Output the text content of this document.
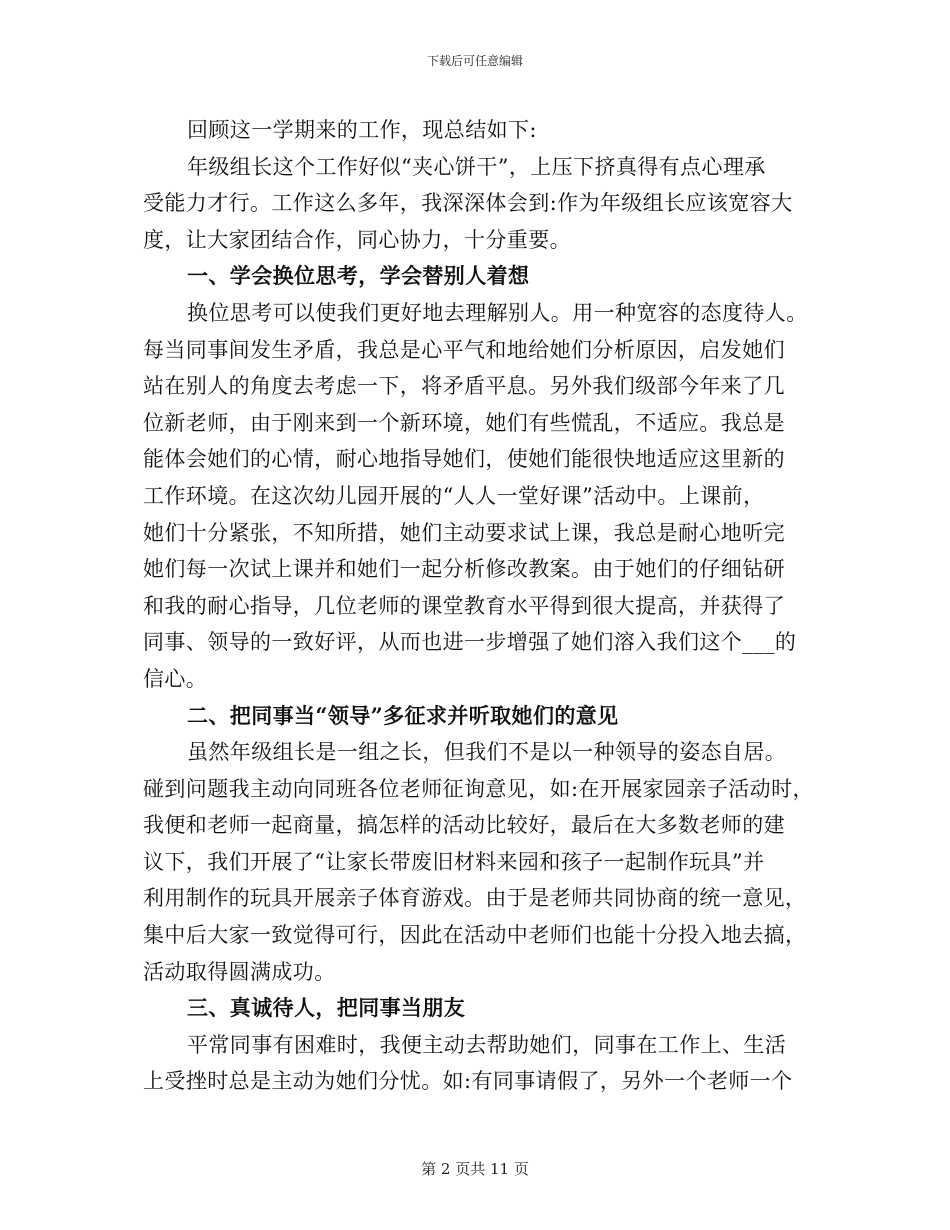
下载后可任意编辑
回顾这一学期来的工作，现总结如下:
年级组长这个工作好似“夹心饼干”，上压下挤真得有点心理承
受能力才行。工作这么多年，我深深体会到:作为年级组长应该宽容大
度，让大家团结合作，同心协力，十分重要。
一、学会换位思考，学会替别人着想
换位思考可以使我们更好地去理解别人。用一种宽容的态度待人。
每当同事间发生矛盾，我总是心平气和地给她们分析原因，启发她们
站在别人的角度去考虑一下，将矛盾平息。另外我们级部今年来了几
位新老师，由于刚来到一个新环境，她们有些慌乱，不适应。我总是
能体会她们的心情，耐心地指导她们，使她们能很快地适应这里新的
工作环境。在这次幼儿园开展的“人人一堂好课”活动中。上课前，
她们十分紧张，不知所措，她们主动要求试上课，我总是耐心地听完
她们每一次试上课并和她们一起分析修改教案。由于她们的仔细钻研
和我的耐心指导，几位老师的课堂教育水平得到很大提高，并获得了
同事、领导的一致好评，从而也进一步增强了她们溶入我们这个___的
信心。
二、把同事当“领导”多征求并听取她们的意见
虽然年级组长是一组之长，但我们不是以一种领导的姿态自居。
碰到问题我主动向同班各位老师征询意见，如:在开展家园亲子活动时，
我便和老师一起商量，搞怎样的活动比较好，最后在大多数老师的建
议下，我们开展了“让家长带废旧材料来园和孩子一起制作玩具”并
利用制作的玩具开展亲子体育游戏。由于是老师共同协商的统一意见，
集中后大家一致觉得可行，因此在活动中老师们也能十分投入地去搞，
活动取得圆满成功。
三、真诚待人，把同事当朋友
平常同事有困难时，我便主动去帮助她们，同事在工作上、生活
上受挫时总是主动为她们分忧。如:有同事请假了，另外一个老师一个
第 2 页共 11 页
